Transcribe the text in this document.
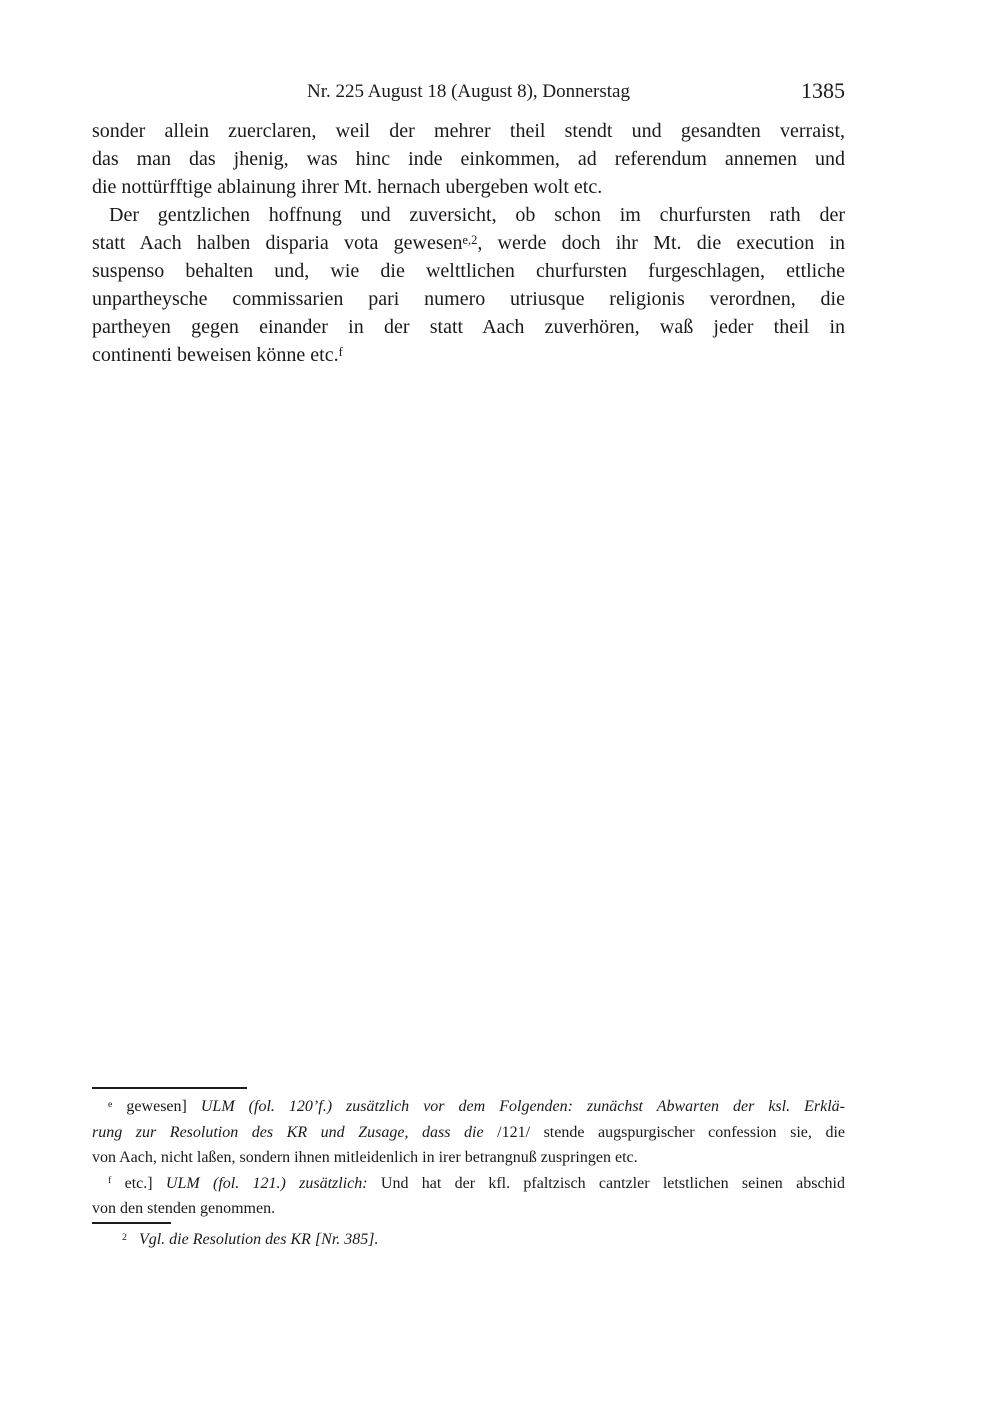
Nr. 225 August 18 (August 8), Donnerstag	1385
sonder allein zuerclaren, weil der mehrer theil stendt und gesandten verraist,
das man das jhenig, was hinc inde einkommen, ad referendum annemen und
die nottürfftige ablainung ihrer Mt. hernach ubergeben wolt etc.
Der gentzlichen hoffnung und zuversicht, ob schon im churfursten rath der
statt Aach halben disparia vota gewesen$^{e,2}$, werde doch ihr Mt. die execution in
suspenso behalten und, wie die welttlichen churfursten furgeschlagen, ettliche
unpartheysche commissarien pari numero utriusque religionis verordnen, die
partheyen gegen einander in der statt Aach zuverhören, waß jeder theil in
continenti beweisen könne etc.$^f$
$^e$ gewesen] ULM (fol. 120’f.) zusätzlich vor dem Folgenden: zunächst Abwarten der ksl. Erklä-
rung zur Resolution des KR und Zusage, dass die /121/ stende augspurgischer confession sie, die
von Aach, nicht laßen, sondern ihnen mitleidenlich in irer betrangnuß zuspringen etc.
$^f$ etc.] ULM (fol. 121.) zusätzlich: Und hat der kfl. pfaltzisch cantzler letstlichen seinen abschid
von den stenden genommen.
$^2$  Vgl. die Resolution des KR [Nr. 385].
